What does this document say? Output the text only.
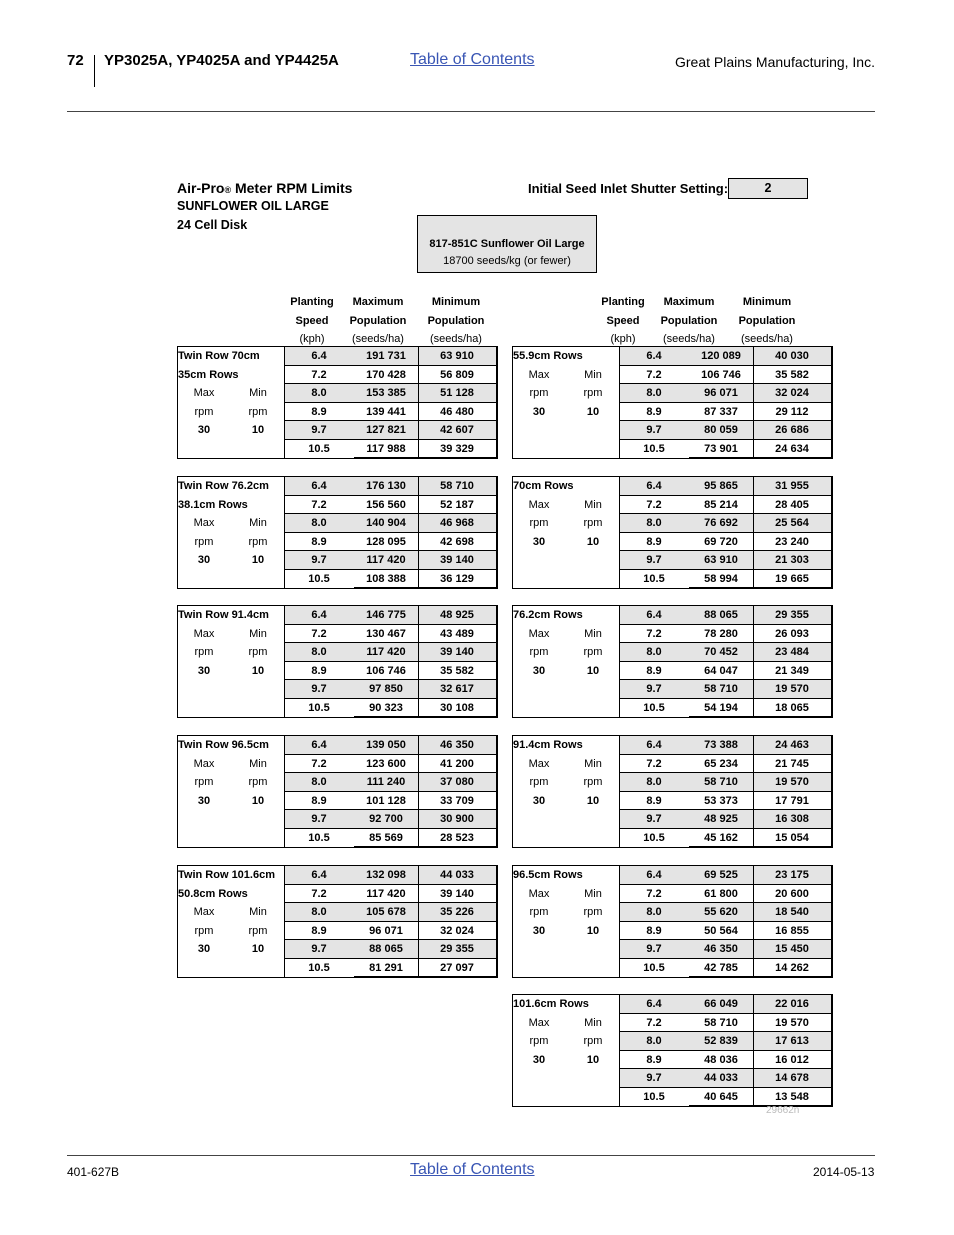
72 YP3025A, YP4025A and YP4425A	Table of Contents	Great Plains Manufacturing, Inc.
Air-Pro® Meter RPM Limits
SUNFLOWER OIL LARGE
24 Cell Disk
Initial Seed Inlet Shutter Setting:	2
817-851C Sunflower Oil Large
18700 seeds/kg (or fewer)
Planting
Speed
(kph)
Maximum
Population
(seeds/ha)
Minimum
Population
(seeds/ha)
Planting
Speed
(kph)
Maximum
Population
(seeds/ha)
Minimum
Population
(seeds/ha)
Twin Row 70cm	6.4	191 731	63 910
35cm Rows	7.2	170 428	56 809
Max	Min	8.0	153 385	51 128
rpm	rpm	8.9	139 441	46 480
30	10	9.7	127 821	42 607
10.5	117 988	39 329
55.9cm Rows	6.4	120 089	40 030
Max	Min	7.2	106 746	35 582
rpm	rpm	8.0	96 071	32 024
30	10	8.9	87 337	29 112
9.7	80 059	26 686
10.5	73 901	24 634
Twin Row 76.2cm	6.4	176 130	58 710
38.1cm Rows	7.2	156 560	52 187
Max	Min	8.0	140 904	46 968
rpm	rpm	8.9	128 095	42 698
30	10	9.7	117 420	39 140
10.5	108 388	36 129
70cm Rows	6.4	95 865	31 955
Max	Min	7.2	85 214	28 405
rpm	rpm	8.0	76 692	25 564
30	10	8.9	69 720	23 240
9.7	63 910	21 303
10.5	58 994	19 665
Twin Row 91.4cm	6.4	146 775	48 925
Max	Min	7.2	130 467	43 489
rpm	rpm	8.0	117 420	39 140
30	10	8.9	106 746	35 582
9.7	97 850	32 617
10.5	90 323	30 108
76.2cm Rows	6.4	88 065	29 355
Max	Min	7.2	78 280	26 093
rpm	rpm	8.0	70 452	23 484
30	10	8.9	64 047	21 349
9.7	58 710	19 570
10.5	54 194	18 065
Twin Row 96.5cm	6.4	139 050	46 350
Max	Min	7.2	123 600	41 200
rpm	rpm	8.0	111 240	37 080
30	10	8.9	101 128	33 709
9.7	92 700	30 900
10.5	85 569	28 523
91.4cm Rows	6.4	73 388	24 463
Max	Min	7.2	65 234	21 745
rpm	rpm	8.0	58 710	19 570
30	10	8.9	53 373	17 791
9.7	48 925	16 308
10.5	45 162	15 054
Twin Row 101.6cm	6.4	132 098	44 033
50.8cm Rows	7.2	117 420	39 140
Max	Min	8.0	105 678	35 226
rpm	rpm	8.9	96 071	32 024
30	10	9.7	88 065	29 355
10.5	81 291	27 097
96.5cm Rows	6.4	69 525	23 175
Max	Min	7.2	61 800	20 600
rpm	rpm	8.0	55 620	18 540
30	10	8.9	50 564	16 855
9.7	46 350	15 450
10.5	42 785	14 262
101.6cm Rows	6.4	66 049	22 016
Max	Min	7.2	58 710	19 570
rpm	rpm	8.0	52 839	17 613
30	10	8.9	48 036	16 012
9.7	44 033	14 678
10.5	40 645	13 548
29662n
401-627B	Table of Contents	2014-05-13
